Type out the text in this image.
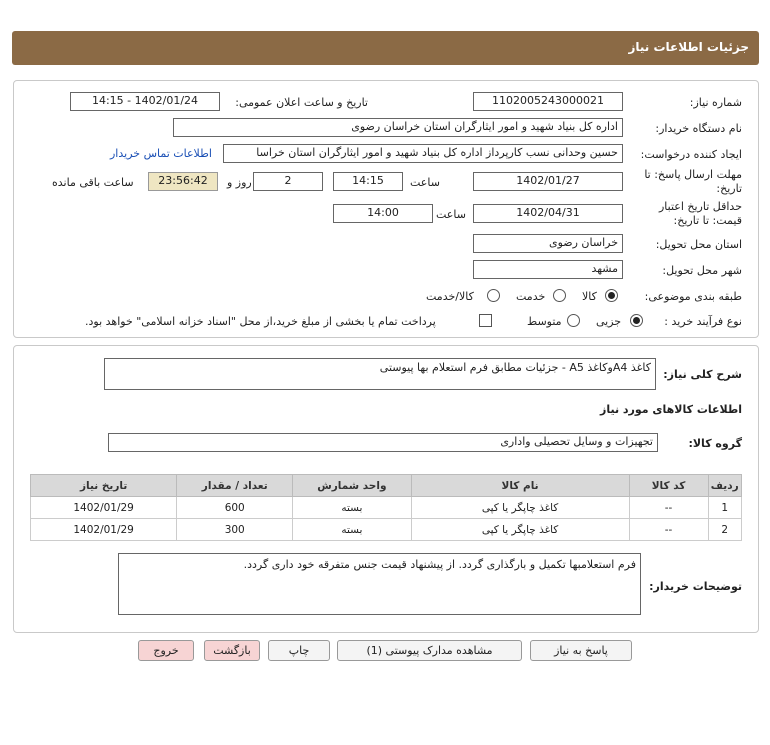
جزئیات اطلاعات نیاز
شماره نیاز:
1102005243000021
تاریخ و ساعت اعلان عمومی:
1402/01/24 - 14:15
نام دستگاه خریدار:
اداره کل بنیاد شهید و امور ایثارگران استان خراسان رضوی
ایجاد کننده درخواست:
حسین وحدانی نسب کارپرداز اداره کل بنیاد شهید و امور ایثارگران استان خراسا
اطلاعات تماس خریدار
مهلت ارسال پاسخ: تا
تاریخ:
1402/01/27
ساعت
14:15
2
روز و
23:56:42
ساعت باقی مانده
حداقل تاریخ اعتبار
قیمت: تا تاریخ:
1402/04/31
ساعت
14:00
استان محل تحویل:
خراسان رضوی
شهر محل تحویل:
مشهد
طبقه بندی موضوعی:
کالا
خدمت
کالا/خدمت
نوع فرآیند خرید :
جزیی
متوسط
پرداخت تمام یا بخشی از مبلغ خرید،از محل "اسناد خزانه اسلامی" خواهد بود.
شرح کلی نیاز:
کاغذ A4وکاغذ A5 - جزئیات مطابق فرم استعلام بها پیوستی
اطلاعات کالاهای مورد نیاز
گروه کالا:
تجهیزات و وسایل تحصیلی واداری
ردیف	کد کالا	نام کالا	واحد شمارش	تعداد / مقدار	تاریخ نیاز
1	--	کاغذ چاپگر یا کپی	بسته	600	1402/01/29
2	--	کاغذ چاپگر یا کپی	بسته	300	1402/01/29
توضیحات خریدار:
فرم استعلامبها تکمیل و بارگذاری گردد. از پیشنهاد قیمت جنس متفرقه خود داری گردد.
پاسخ به نیاز
مشاهده مدارک پیوستی (1)
چاپ
بازگشت
خروج
